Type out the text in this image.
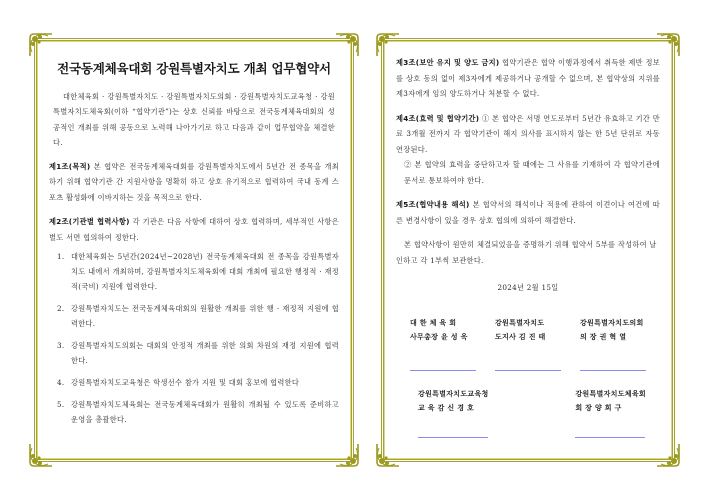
전국동계체육대회 강원특별자치도 개최 업무협약서

대한체육회 · 강원특별자치도 · 강원특별자치도의회 · 강원특별자치도교육청 · 강원특별자치도체육회(이하 “협약기관”)는 상호 신뢰를 바탕으로 전국동계체육대회의 성공적인 개최를 위해 공동으로 노력해 나아가기로 하고 다음과 같이 업무협약을 체결한다.

제1조(목적) 본 협약은 전국동계체육대회를 강원특별자치도에서 5년간 전 종목을 개최하기 위해 협약기관 간 지원사항을 명확히 하고 상호 유기적으로 협력하여 국내 동계 스포츠 활성화에 이바지하는 것을 목적으로 한다.
제2조(기관별 협력사항) 각 기관은 다음 사항에 대하여 상호 협력하며, 세부적인 사항은 별도 서면 협의하여 정한다.
1. 대한체육회는 5년간(2024년~2028년) 전국동계체육대회 전 종목을 강원특별자치도 내에서 개최하며, 강원특별자치도체육회에 대회 개최에 필요한 행정적 · 재정적(국비) 지원에 협력한다.
2. 강원특별자치도는 전국동계체육대회의 원활한 개최를 위한 행 · 재정적 지원에 협력한다.
3. 강원특별자치도의회는 대회의 안정적 개최를 위한 의회 차원의 재정 지원에 협력한다.
4. 강원특별자치도교육청은 학생선수 참가 지원 및 대회 홍보에 협력한다
5. 강원특별자치도체육회는 전국동계체육대회가 원활히 개최될 수 있도록 준비하고 운영을 총괄한다.
제3조(보안 유지 및 양도 금지) 협약기관은 협약 이행과정에서 취득한 제반 정보를 상호 동의 없이 제3자에게 제공하거나 공개할 수 없으며, 본 협약상의 지위를 제3자에게 임의 양도하거나 처분할 수 없다.
제4조(효력 및 협약기간) ① 본 협약은 서명 연도로부터 5년간 유효하고 기간 만료 3개월 전까지 각 협약기관이 해지 의사를 표시하지 않는 한 5년 단위로 자동 연장된다.
② 본 협약의 효력을 중단하고자 할 때에는 그 사유를 기재하여 각 협약기관에 문서로 통보하여야 한다.
제5조(협약내용 해석) 본 협약서의 해석이나 적용에 관하여 이견이나 여건에 따른 변경사항이 있을 경우 상호 협의에 의하여 해결한다.

본 협약사항이 원만히 체결되었음을 증명하기 위해 협약서 5부를 작성하여 날인하고 각 1부씩 보관한다.

2024년 2월 15일
대 한 체 육 회
사무총장 윤 성 욱
강원특별자치도
도지사 김 진 태
강원특별자치도의회
의 장 권 혁 열
강원특별자치도교육청
교 육 감 신 경 호
강원특별자치도체육회
회 장 양 희 구
